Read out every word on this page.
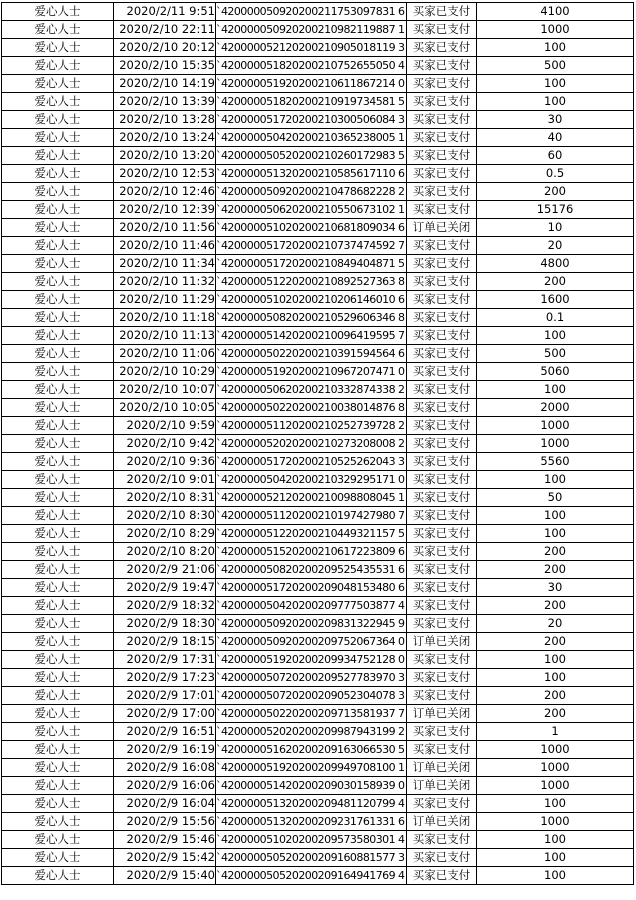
爱心人士	2020/2/11 9:51	`420000050920200211753097831 6	买家已支付	4100
爱心人士	2020/2/10 22:11	`420000050920200210982119887 1	买家已支付	1000
爱心人士	2020/2/10 20:12	`420000052120200210905018119 3	买家已支付	100
爱心人士	2020/2/10 15:35	`420000051820200210752655050 4	买家已支付	500
爱心人士	2020/2/10 14:19	`420000051920200210611867214 0	买家已支付	100
爱心人士	2020/2/10 13:39	`420000051820200210919734581 5	买家已支付	100
爱心人士	2020/2/10 13:28	`420000051720200210300506084 3	买家已支付	30
爱心人士	2020/2/10 13:24	`420000050420200210365238005 1	买家已支付	40
爱心人士	2020/2/10 13:20	`420000050520200210260172983 5	买家已支付	60
爱心人士	2020/2/10 12:53	`420000051320200210585617110 6	买家已支付	0.5
爱心人士	2020/2/10 12:46	`420000050920200210478682228 2	买家已支付	200
爱心人士	2020/2/10 12:39	`420000050620200210550673102 1	买家已支付	15176
爱心人士	2020/2/10 11:56	`420000051020200210681809034 6	订单已关闭	10
爱心人士	2020/2/10 11:46	`420000051720200210737474592 7	买家已支付	20
爱心人士	2020/2/10 11:34	`420000051720200210849404871 5	买家已支付	4800
爱心人士	2020/2/10 11:32	`420000051220200210892527363 8	买家已支付	200
爱心人士	2020/2/10 11:29	`420000051020200210206146010 6	买家已支付	1600
爱心人士	2020/2/10 11:18	`420000050820200210529606346 8	买家已支付	0.1
爱心人士	2020/2/10 11:13	`420000051420200210096419595 7	买家已支付	100
爱心人士	2020/2/10 11:06	`420000050220200210391594564 6	买家已支付	500
爱心人士	2020/2/10 10:29	`420000051920200210967207471 0	买家已支付	5060
爱心人士	2020/2/10 10:07	`420000050620200210332874338 2	买家已支付	100
爱心人士	2020/2/10 10:05	`420000050220200210038014876 8	买家已支付	2000
爱心人士	2020/2/10 9:59	`420000051120200210252739728 2	买家已支付	1000
爱心人士	2020/2/10 9:42	`420000052020200210273208008 2	买家已支付	1000
爱心人士	2020/2/10 9:36	`420000051720200210525262043 3	买家已支付	5560
爱心人士	2020/2/10 9:01	`420000050420200210329295171 0	买家已支付	100
爱心人士	2020/2/10 8:31	`420000052120200210098808045 1	买家已支付	50
爱心人士	2020/2/10 8:30	`420000051120200210197427980 7	买家已支付	100
爱心人士	2020/2/10 8:29	`420000051220200210449321157 5	买家已支付	100
爱心人士	2020/2/10 8:20	`420000051520200210617223809 6	买家已支付	200
爱心人士	2020/2/9 21:06	`420000050820200209525435531 6	买家已支付	200
爱心人士	2020/2/9 19:47	`420000051720200209048153480 6	买家已支付	30
爱心人士	2020/2/9 18:32	`420000050420200209777503877 4	买家已支付	200
爱心人士	2020/2/9 18:30	`420000050920200209831322945 9	买家已支付	20
爱心人士	2020/2/9 18:15	`420000050920200209752067364 0	订单已关闭	200
爱心人士	2020/2/9 17:31	`420000051920200209934752128 0	买家已支付	100
爱心人士	2020/2/9 17:23	`420000050720200209527783970 3	买家已支付	100
爱心人士	2020/2/9 17:01	`420000050720200209052304078 3	买家已支付	200
爱心人士	2020/2/9 17:00	`420000050220200209713581937 7	订单已关闭	200
爱心人士	2020/2/9 16:51	`420000052020200209987943199 2	买家已支付	1
爱心人士	2020/2/9 16:19	`420000051620200209163066530 5	买家已支付	1000
爱心人士	2020/2/9 16:08	`420000051920200209949708100 1	订单已关闭	1000
爱心人士	2020/2/9 16:06	`420000051420200209030158939 0	订单已关闭	1000
爱心人士	2020/2/9 16:04	`420000051320200209481120799 4	买家已支付	100
爱心人士	2020/2/9 15:56	`420000051320200209231761331 6	订单已关闭	1000
爱心人士	2020/2/9 15:46	`420000051020200209573580301 4	买家已支付	100
爱心人士	2020/2/9 15:42	`420000050520200209160881577 3	买家已支付	100
爱心人士	2020/2/9 15:40	`420000050520200209164941769 4	买家已支付	100
